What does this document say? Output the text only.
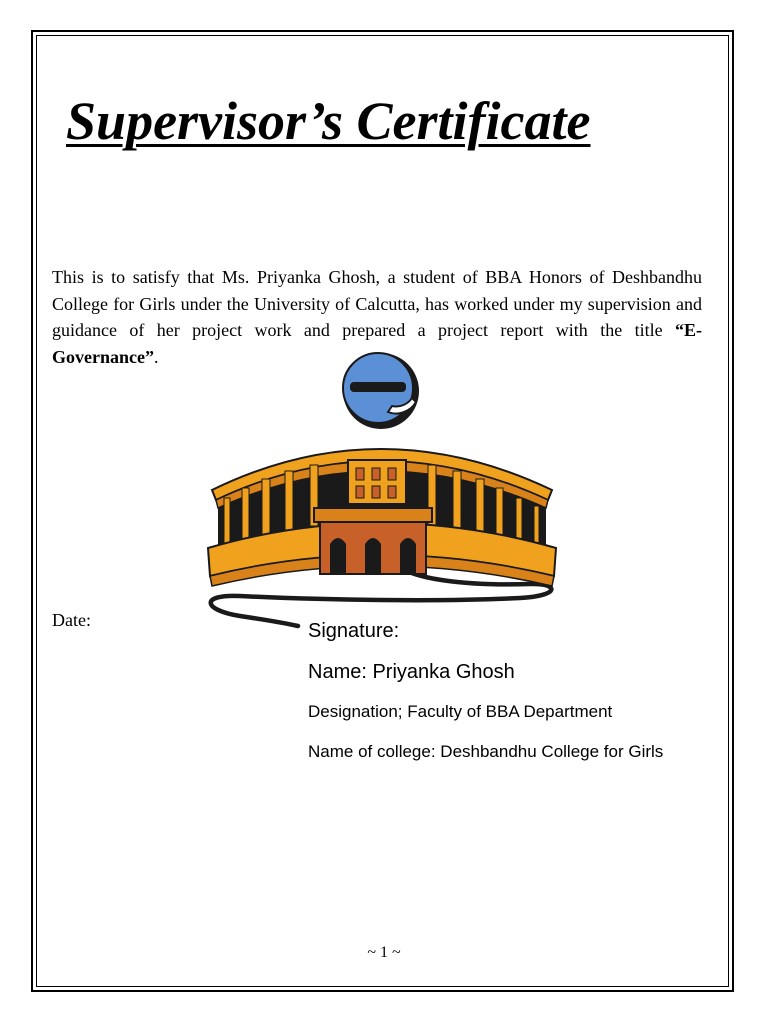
Supervisor’s Certificate

This is to satisfy that Ms. Priyanka Ghosh, a student of BBA Honors of Deshbandhu College for Girls under the University of Calcutta, has worked under my supervision and guidance of her project work and prepared a project report with the title “E-Governance”.	e
Date:	Signature:
Name: Priyanka Ghosh
Designation; Faculty of BBA Department
Name of college: Deshbandhu College for Girls
~ 1 ~
